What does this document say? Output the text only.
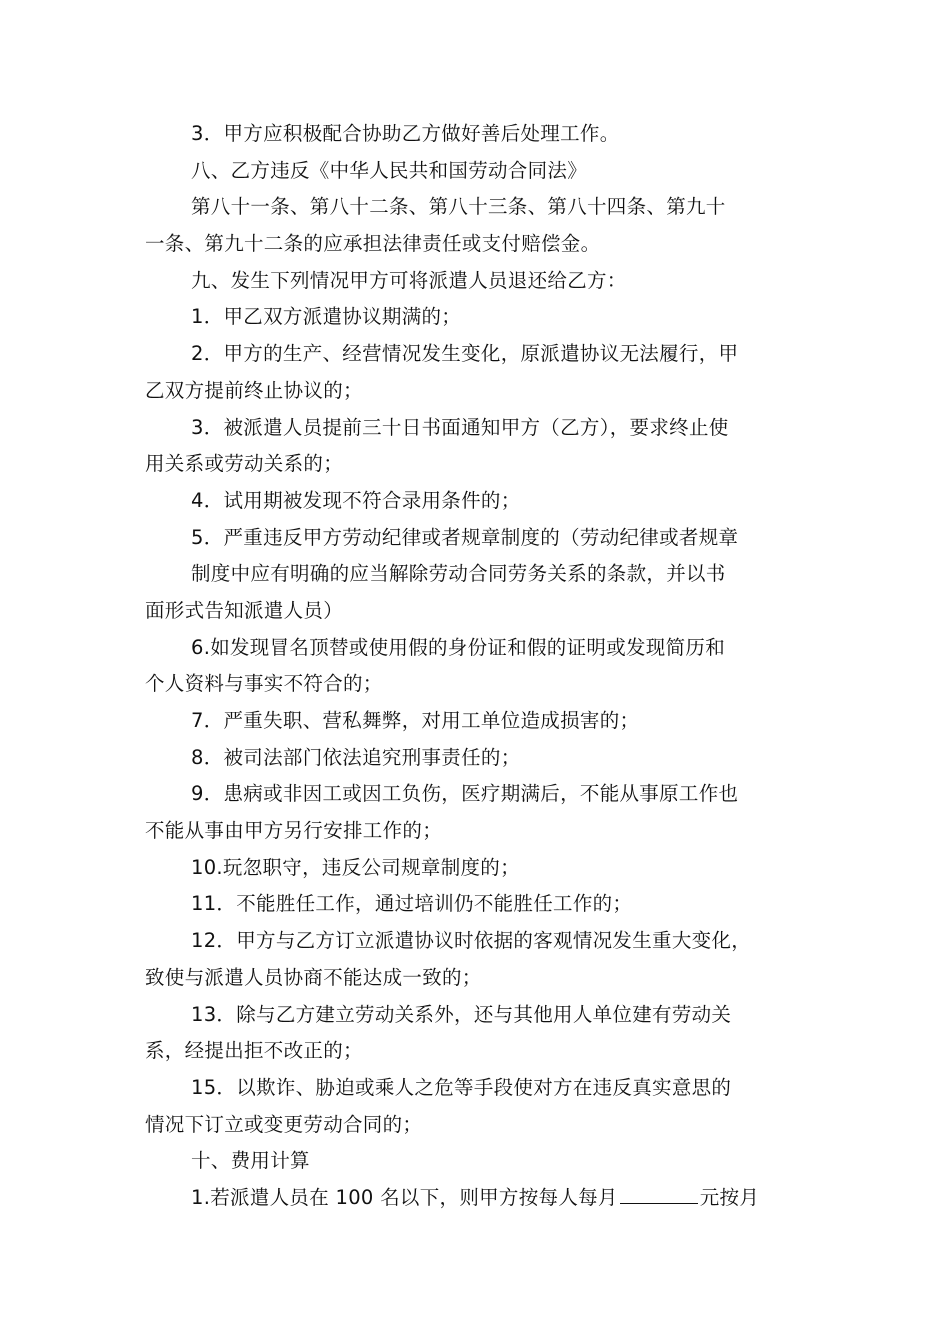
3．甲方应积极配合协助乙方做好善后处理工作。
八、乙方违反《中华人民共和国劳动合同法》
第八十一条、第八十二条、第八十三条、第八十四条、第九十
一条、第九十二条的应承担法律责任或支付赔偿金。
九、发生下列情况甲方可将派遣人员退还给乙方：
1．甲乙双方派遣协议期满的；
2．甲方的生产、经营情况发生变化，原派遣协议无法履行，甲
乙双方提前终止协议的；
3．被派遣人员提前三十日书面通知甲方（乙方），要求终止使
用关系或劳动关系的；
4．试用期被发现不符合录用条件的；
5．严重违反甲方劳动纪律或者规章制度的（劳动纪律或者规章
制度中应有明确的应当解除劳动合同劳务关系的条款，并以书
面形式告知派遣人员）
6.如发现冒名顶替或使用假的身份证和假的证明或发现简历和
个人资料与事实不符合的；
7．严重失职、营私舞弊，对用工单位造成损害的；
8．被司法部门依法追究刑事责任的；
9．患病或非因工或因工负伤，医疗期满后，不能从事原工作也
不能从事由甲方另行安排工作的；
10.玩忽职守，违反公司规章制度的；
11．不能胜任工作，通过培训仍不能胜任工作的；
12．甲方与乙方订立派遣协议时依据的客观情况发生重大变化，
致使与派遣人员协商不能达成一致的；
13．除与乙方建立劳动关系外，还与其他用人单位建有劳动关
系，经提出拒不改正的；
15．以欺诈、胁迫或乘人之危等手段使对方在违反真实意思的
情况下订立或变更劳动合同的；
十、费用计算
1.若派遣人员在 100 名以下，则甲方按每人每月	元按月
